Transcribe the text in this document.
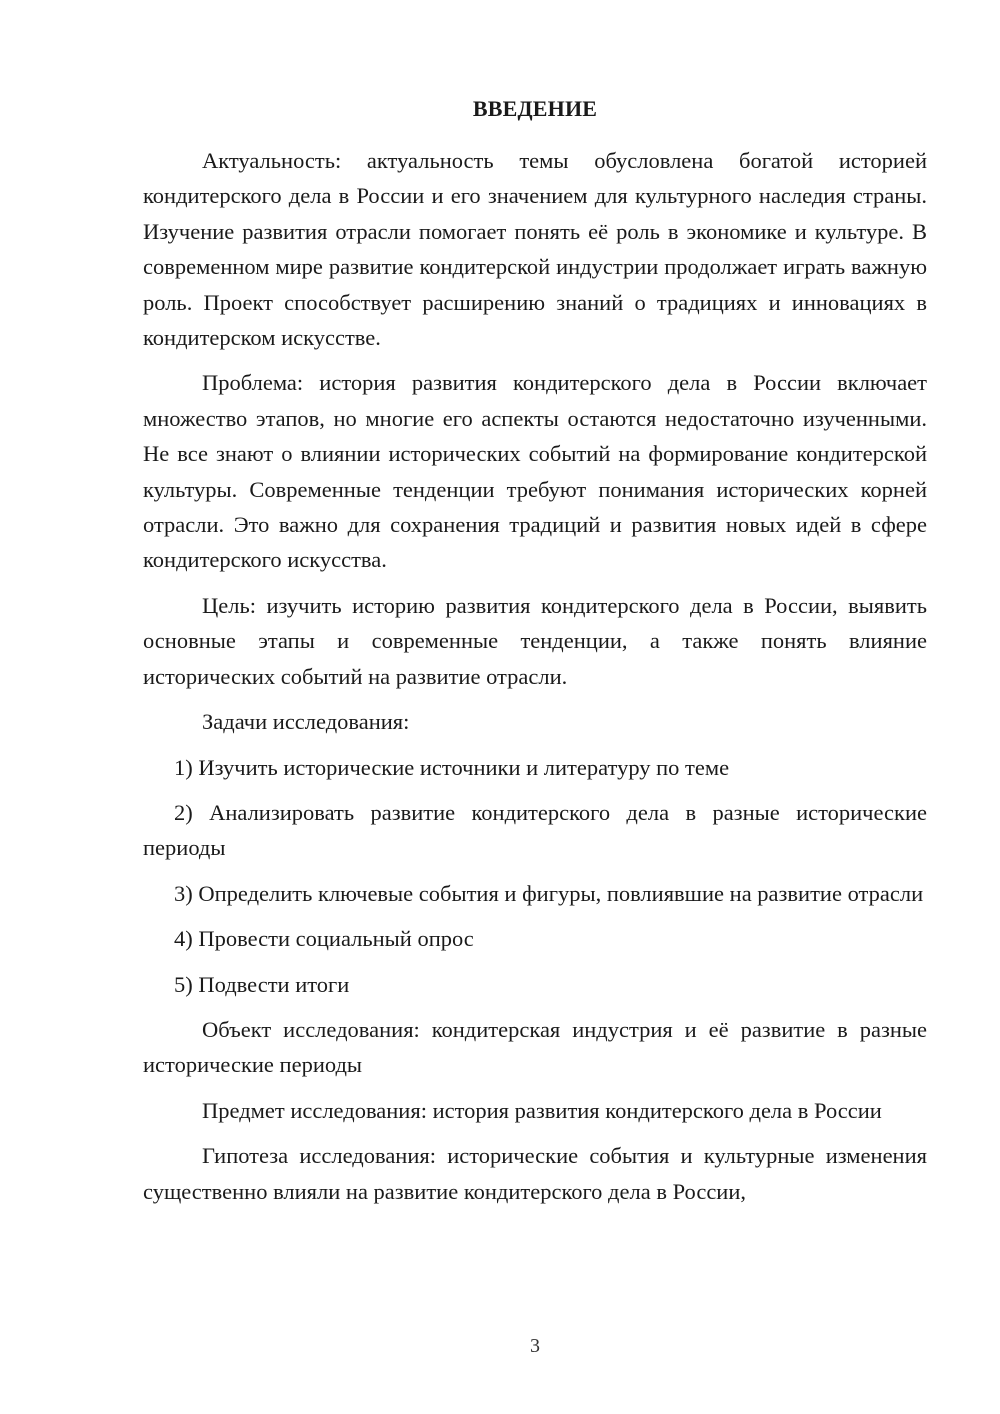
ВВЕДЕНИЕ

Актуальность: актуальность темы обусловлена богатой историей кондитерского дела в России и его значением для культурного наследия страны. Изучение развития отрасли помогает понять её роль в экономике и культуре. В современном мире развитие кондитерской индустрии продолжает играть важную роль. Проект способствует расширению знаний о традициях и инновациях в кондитерском искусстве.

Проблема: история развития кондитерского дела в России включает множество этапов, но многие его аспекты остаются недостаточно изученными. Не все знают о влиянии исторических событий на формирование кондитерской культуры. Современные тенденции требуют понимания исторических корней отрасли. Это важно для сохранения традиций и развития новых идей в сфере кондитерского искусства.

Цель: изучить историю развития кондитерского дела в России, выявить основные этапы и современные тенденции, а также понять влияние исторических событий на развитие отрасли.

Задачи исследования:

1) Изучить исторические источники и литературу по теме

2) Анализировать развитие кондитерского дела в разные исторические периоды

3) Определить ключевые события и фигуры, повлиявшие на развитие отрасли

4) Провести социальный опрос

5) Подвести итоги

Объект исследования: кондитерская индустрия и её развитие в разные исторические периоды

Предмет исследования: история развития кондитерского дела в России

Гипотеза исследования: исторические события и культурные изменения существенно влияли на развитие кондитерского дела в России,

3
